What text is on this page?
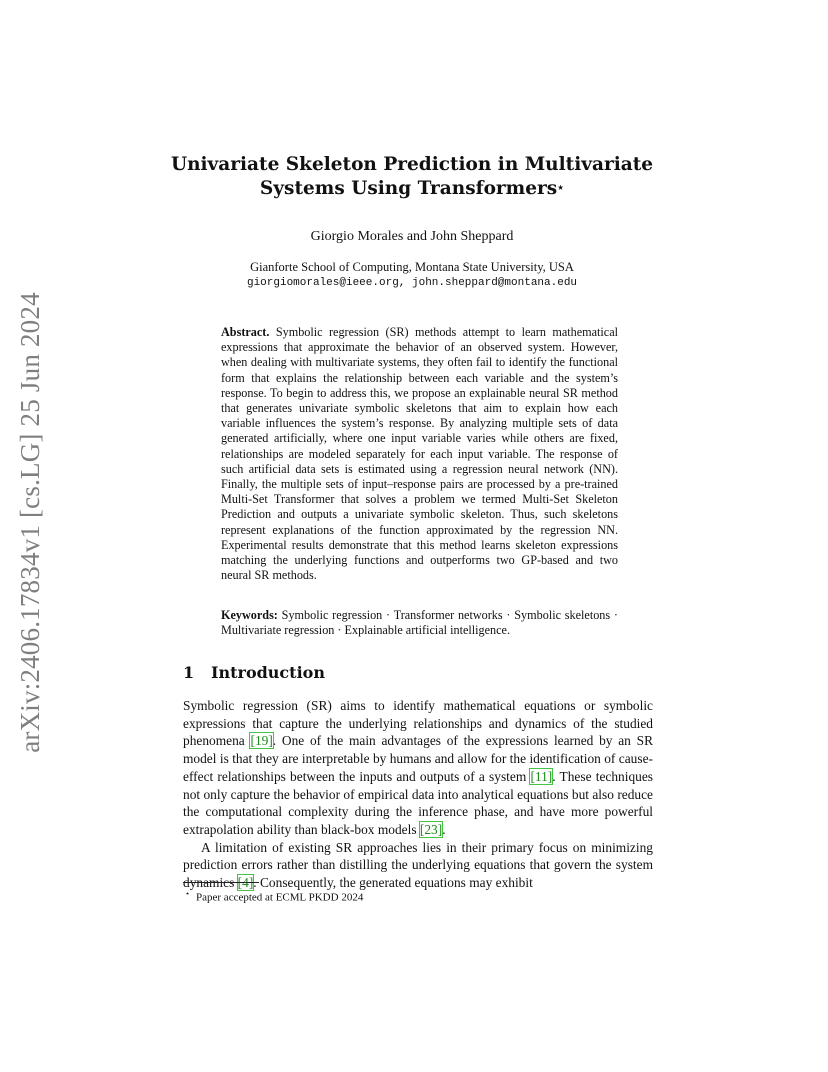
arXiv:2406.17834v1 [cs.LG] 25 Jun 2024
Univariate Skeleton Prediction in Multivariate
Systems Using Transformers⋆
Giorgio Morales and John Sheppard
Gianforte School of Computing, Montana State University, USA
giorgiomorales@ieee.org, john.sheppard@montana.edu
Abstract. Symbolic regression (SR) methods attempt to learn mathematical expressions that approximate the behavior of an observed system. However, when dealing with multivariate systems, they often fail to identify the functional form that explains the relationship between each variable and the system’s response. To begin to address this, we propose an explainable neural SR method that generates univariate symbolic skeletons that aim to explain how each variable influences the system’s response. By analyzing multiple sets of data generated artificially, where one input variable varies while others are fixed, relationships are modeled separately for each input variable. The response of such artificial data sets is estimated using a regression neural network (NN). Finally, the multiple sets of input–response pairs are processed by a pre-trained Multi-Set Transformer that solves a problem we termed Multi-Set Skeleton Prediction and outputs a univariate symbolic skeleton. Thus, such skeletons represent explanations of the function approximated by the regression NN. Experimental results demonstrate that this method learns skeleton expressions matching the underlying functions and outperforms two GP-based and two neural SR methods.
Keywords: Symbolic regression · Transformer networks · Symbolic skeletons · Multivariate regression · Explainable artificial intelligence.
1 Introduction

Symbolic regression (SR) aims to identify mathematical equations or symbolic expressions that capture the underlying relationships and dynamics of the studied phenomena [19]. One of the main advantages of the expressions learned by an SR model is that they are interpretable by humans and allow for the identification of cause-effect relationships between the inputs and outputs of a system [11]. These techniques not only capture the behavior of empirical data into analytical equations but also reduce the computational complexity during the inference phase, and have more powerful extrapolation ability than black-box models [23].

A limitation of existing SR approaches lies in their primary focus on minimizing prediction errors rather than distilling the underlying equations that govern the system dynamics [4]. Consequently, the generated equations may exhibit

⋆ Paper accepted at ECML PKDD 2024
